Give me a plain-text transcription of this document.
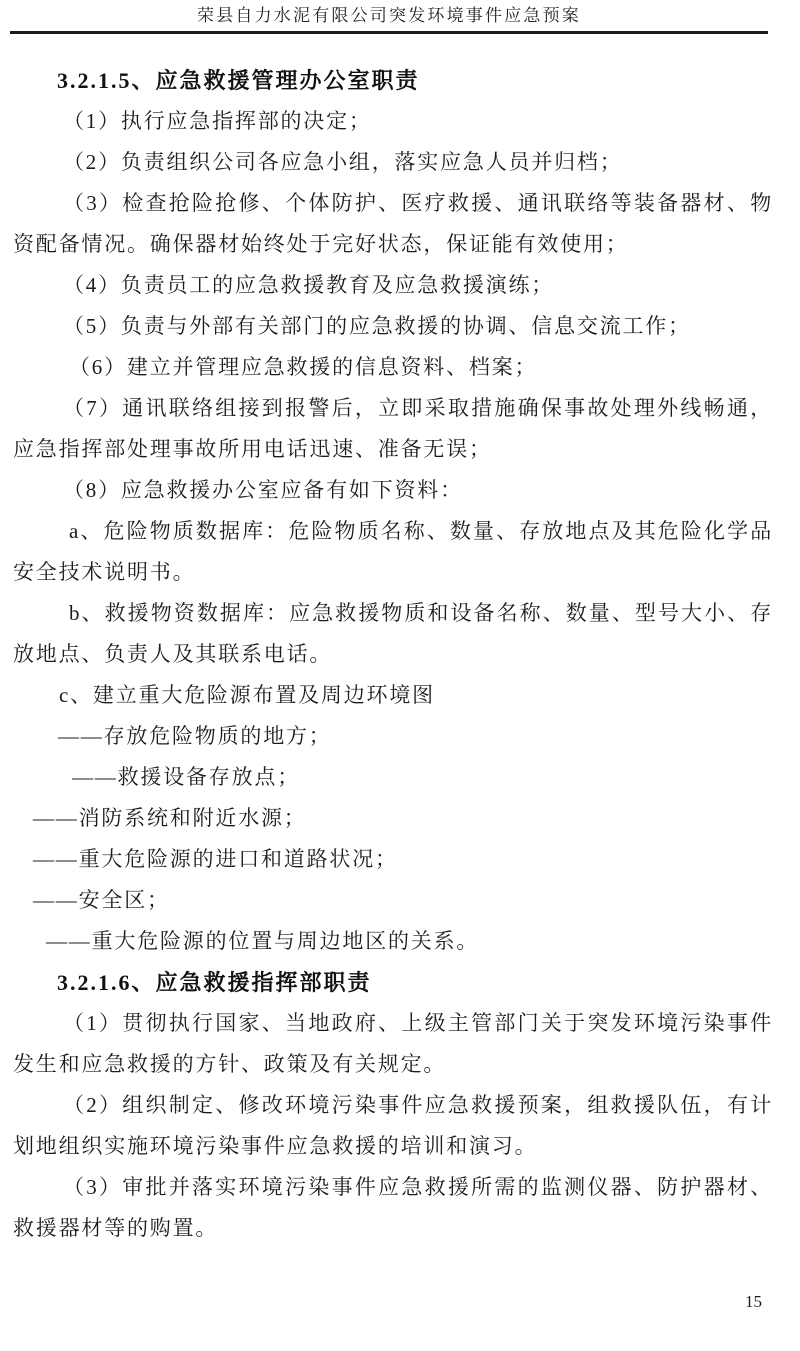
荣县自力水泥有限公司突发环境事件应急预案
3.2.1.5、应急救援管理办公室职责

（1）执行应急指挥部的决定；

（2）负责组织公司各应急小组，落实应急人员并归档；

（3）检查抢险抢修、个体防护、医疗救援、通讯联络等装备器材、物资配备情况。确保器材始终处于完好状态，保证能有效使用；

（4）负责员工的应急救援教育及应急救援演练；

（5）负责与外部有关部门的应急救援的协调、信息交流工作；

（6）建立并管理应急救援的信息资料、档案；

（7）通讯联络组接到报警后，立即采取措施确保事故处理外线畅通，应急指挥部处理事故所用电话迅速、准备无误；

（8）应急救援办公室应备有如下资料：

a、危险物质数据库：危险物质名称、数量、存放地点及其危险化学品安全技术说明书。

b、救援物资数据库：应急救援物质和设备名称、数量、型号大小、存放地点、负责人及其联系电话。

c、建立重大危险源布置及周边环境图

——存放危险物质的地方；

——救援设备存放点；

——消防系统和附近水源；

——重大危险源的进口和道路状况；

——安全区；

——重大危险源的位置与周边地区的关系。

3.2.1.6、应急救援指挥部职责

（1）贯彻执行国家、当地政府、上级主管部门关于突发环境污染事件发生和应急救援的方针、政策及有关规定。

（2）组织制定、修改环境污染事件应急救援预案，组救援队伍，有计划地组织实施环境污染事件应急救援的培训和演习。

（3）审批并落实环境污染事件应急救援所需的监测仪器、防护器材、救援器材等的购置。

15
